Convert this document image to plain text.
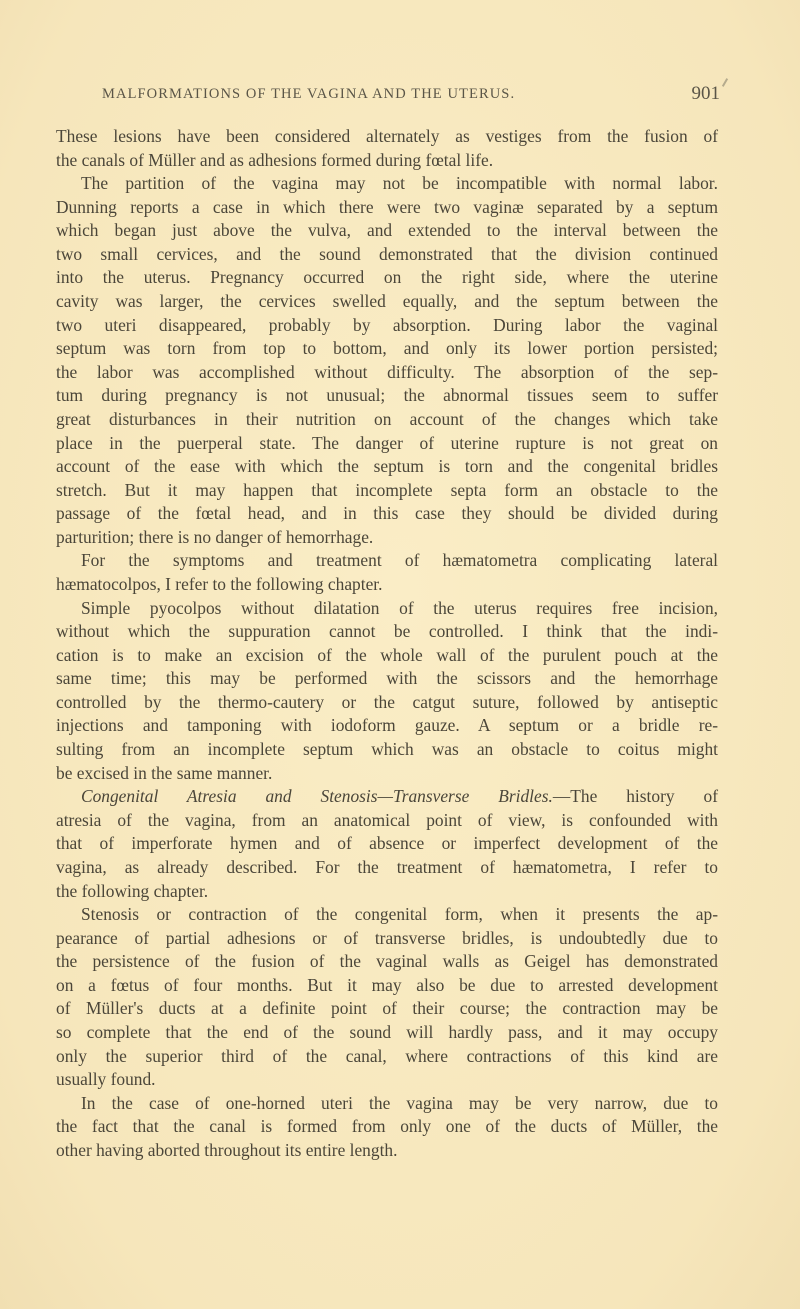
MALFORMATIONS OF THE VAGINA AND THE UTERUS.	901
These lesions have been considered alternately as vestiges from the fusion of
the canals of Müller and as adhesions formed during fœtal life.
The partition of the vagina may not be incompatible with normal labor.
Dunning reports a case in which there were two vaginæ separated by a septum
which began just above the vulva, and extended to the interval between the
two small cervices, and the sound demonstrated that the division continued
into the uterus. Pregnancy occurred on the right side, where the uterine
cavity was larger, the cervices swelled equally, and the septum between the
two uteri disappeared, probably by absorption. During labor the vaginal
septum was torn from top to bottom, and only its lower portion persisted;
the labor was accomplished without difficulty. The absorption of the sep-
tum during pregnancy is not unusual; the abnormal tissues seem to suffer
great disturbances in their nutrition on account of the changes which take
place in the puerperal state. The danger of uterine rupture is not great on
account of the ease with which the septum is torn and the congenital bridles
stretch. But it may happen that incomplete septa form an obstacle to the
passage of the fœtal head, and in this case they should be divided during
parturition; there is no danger of hemorrhage.
For the symptoms and treatment of hæmatometra complicating lateral
hæmatocolpos, I refer to the following chapter.
Simple pyocolpos without dilatation of the uterus requires free incision,
without which the suppuration cannot be controlled. I think that the indi-
cation is to make an excision of the whole wall of the purulent pouch at the
same time; this may be performed with the scissors and the hemorrhage
controlled by the thermo-cautery or the catgut suture, followed by antiseptic
injections and tamponing with iodoform gauze. A septum or a bridle re-
sulting from an incomplete septum which was an obstacle to coitus might
be excised in the same manner.
Congenital Atresia and Stenosis—Transverse Bridles.—The history of
atresia of the vagina, from an anatomical point of view, is confounded with
that of imperforate hymen and of absence or imperfect development of the
vagina, as already described. For the treatment of hæmatometra, I refer to
the following chapter.
Stenosis or contraction of the congenital form, when it presents the ap-
pearance of partial adhesions or of transverse bridles, is undoubtedly due to
the persistence of the fusion of the vaginal walls as Geigel has demonstrated
on a fœtus of four months. But it may also be due to arrested development
of Müller's ducts at a definite point of their course; the contraction may be
so complete that the end of the sound will hardly pass, and it may occupy
only the superior third of the canal, where contractions of this kind are
usually found.
In the case of one-horned uteri the vagina may be very narrow, due to
the fact that the canal is formed from only one of the ducts of Müller, the
other having aborted throughout its entire length.
